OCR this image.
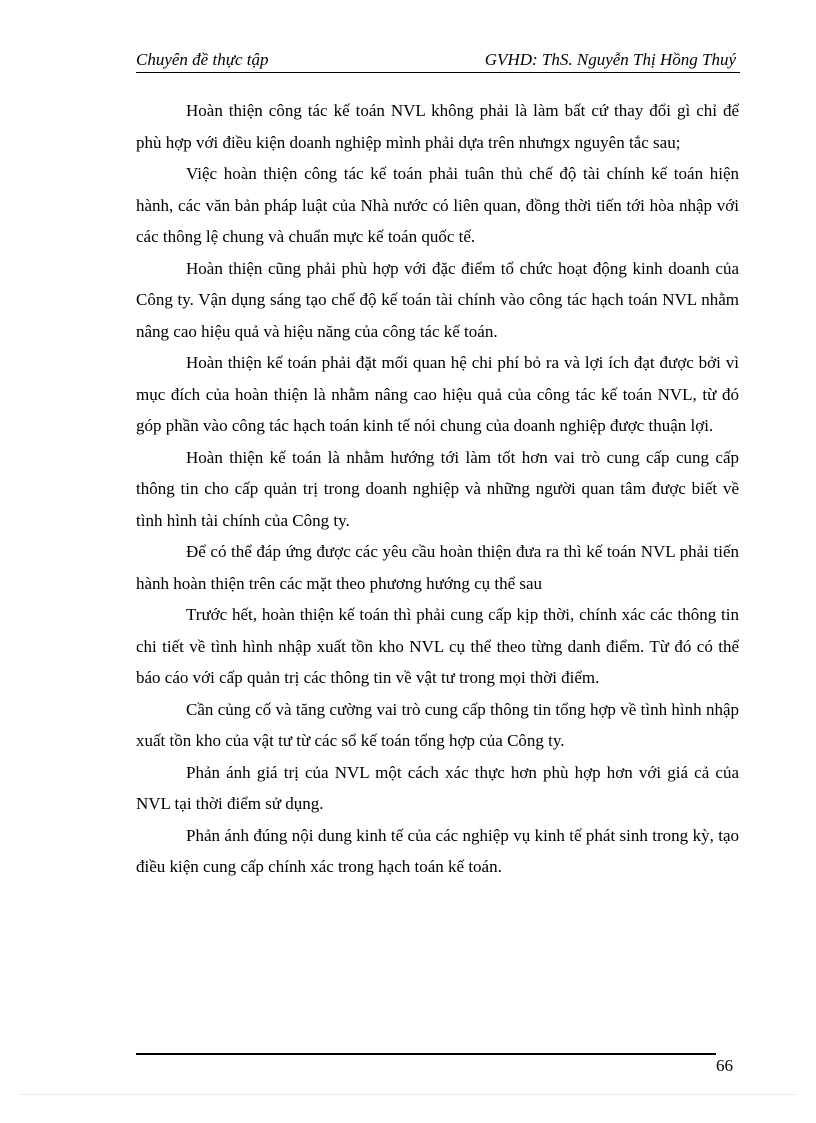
Chuyên đề thực tập	GVHD: ThS. Nguyễn Thị Hồng Thuý

Hoàn thiện công tác kế toán NVL không phải là làm bất cứ thay đổi gì chỉ để phù hợp với điều kiện doanh nghiệp mình phải dựa trên nhưngx nguyên tắc sau;

Việc hoàn thiện công tác kế toán phải tuân thủ chế độ tài chính kế toán hiện hành, các văn bản pháp luật của Nhà nước có liên quan, đồng thời tiến tới hòa nhập với các thông lệ chung và chuẩn mực kế toán quốc tế.

Hoàn thiện cũng phải phù hợp với đặc điểm tổ chức hoạt động kinh doanh của Công ty. Vận dụng sáng tạo chế độ kế toán tài chính vào công tác hạch toán NVL nhằm nâng cao hiệu quả và hiệu năng của công tác kế toán.

Hoàn thiện kế toán phải đặt mối quan hệ chi phí bỏ ra và lợi ích đạt được bởi vì mục đích của hoàn thiện là nhằm nâng cao hiệu quả của công tác kế toán NVL, từ đó góp phần vào công tác hạch toán kinh tế nói chung của doanh nghiệp được thuận lợi.

Hoàn thiện kế toán là nhằm hướng tới làm tốt hơn vai trò cung cấp cung cấp thông tin cho cấp quản trị trong doanh nghiệp và những người quan tâm được biết về tình hình tài chính của Công ty.

Để có thể đáp ứng được các yêu cầu hoàn thiện đưa ra thì kế toán NVL phải tiến hành hoàn thiện trên các mặt theo phương hướng cụ thể sau

Trước hết, hoàn thiện kế toán thì phải cung cấp kịp thời, chính xác các thông tin chi tiết về tình hình nhập xuất tồn kho NVL cụ thể theo từng danh điểm. Từ đó có thể báo cáo với cấp quản trị các thông tin về vật tư trong mọi thời điểm.

Cần củng cố và tăng cường vai trò cung cấp thông tin tổng hợp về tình hình nhập xuất tồn kho của vật tư từ các sổ kế toán tổng hợp của Công ty.

Phản ánh giá trị của NVL một cách xác thực hơn phù hợp hơn với giá cả của NVL tại thời điểm sử dụng.

Phản ánh đúng nội dung kinh tế của các nghiệp vụ kinh tế phát sinh trong kỳ, tạo điều kiện cung cấp chính xác trong hạch toán kế toán.

66
